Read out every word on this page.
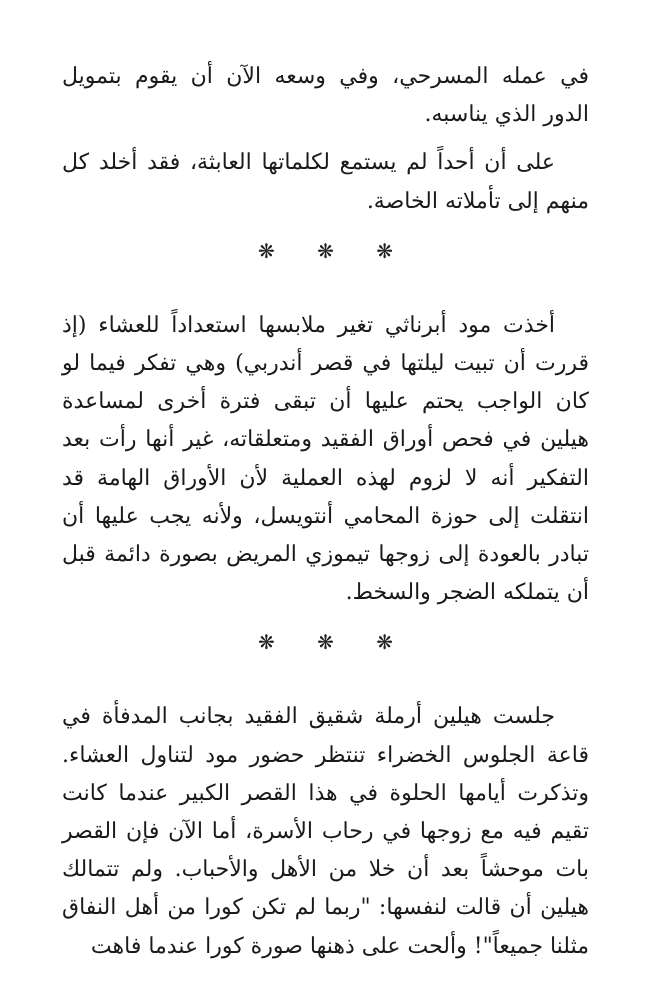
في عمله المسرحي، وفي وسعه الآن أن يقوم بتمويل الدور الذي يناسبه.

على أن أحداً لم يستمع لكلماتها العابثة، فقد أخلد كل منهم إلى تأملاته الخاصة.

❋ ❋ ❋

أخذت مود أبرناثي تغير ملابسها استعداداً للعشاء (إذ قررت أن تبيت ليلتها في قصر أندربي) وهي تفكر فيما لو كان الواجب يحتم عليها أن تبقى فترة أخرى لمساعدة هيلين في فحص أوراق الفقيد ومتعلقاته، غير أنها رأت بعد التفكير أنه لا لزوم لهذه العملية لأن الأوراق الهامة قد انتقلت إلى حوزة المحامي أنتويسل، ولأنه يجب عليها أن تبادر بالعودة إلى زوجها تيموزي المريض بصورة دائمة قبل أن يتملكه الضجر والسخط.

❋ ❋ ❋

جلست هيلين أرملة شقيق الفقيد بجانب المدفأة في قاعة الجلوس الخضراء تنتظر حضور مود لتناول العشاء. وتذكرت أيامها الحلوة في هذا القصر الكبير عندما كانت تقيم فيه مع زوجها في رحاب الأسرة، أما الآن فإن القصر بات موحشاً بعد أن خلا من الأهل والأحباب. ولم تتمالك هيلين أن قالت لنفسها: "ربما لم تكن كورا من أهل النفاق مثلنا جميعاً"! وألحت على ذهنها صورة كورا عندما فاهت
